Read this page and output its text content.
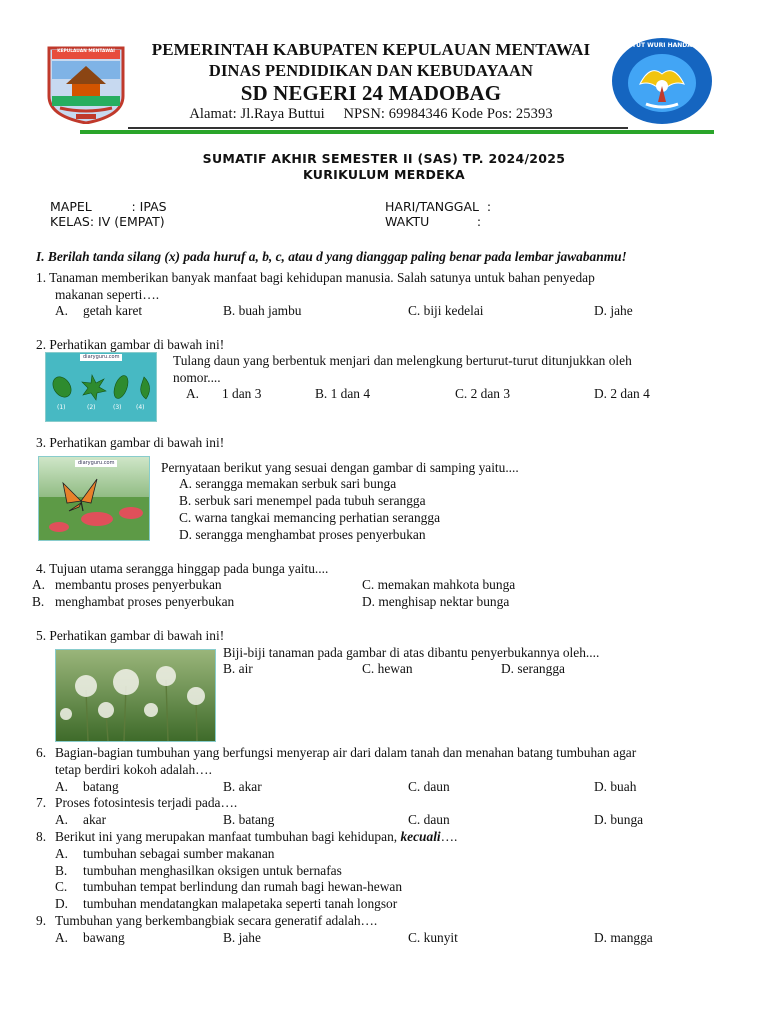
KEPULAUAN MENTAWAI	PEMERINTAH KABUPATEN KEPULAUAN MENTAWAI
DINAS PENDIDIKAN DAN KEBUDAYAAN
SD NEGERI 24 MADOBAG
Alamat: Jl.Raya Buttui     NPSN: 69984346 Kode Pos: 25393
TUT WURI HANDAYANI
SUMATIF AKHIR SEMESTER II (SAS) TP. 2024/2025
KURIKULUM MERDEKA
MAPEL          : IPAS
KELAS: IV (EMPAT)
HARI/TANGGAL  :
WAKTU            :
I. Berilah tanda silang (x) pada huruf a, b, c, atau d yang dianggap paling benar pada lembar jawabanmu!
1. Tanaman memberikan banyak manfaat bagi kehidupan manusia. Salah satunya untuk bahan penyedap
makanan seperti….
A. getah karet	B. buah jambu	C. biji kedelai	D. jahe
2. Perhatikan gambar di bawah ini!
diaryguru.com
(1)	(2)	(3) (4)
Tulang daun yang berbentuk menjari dan melengkung berturut-turut ditunjukkan oleh
nomor....
A. 1 dan 3	B. 1 dan 4	C. 2 dan 3	D. 2 dan 4
3. Perhatikan gambar di bawah ini!
diaryguru.com	Pernyataan berikut yang sesuai dengan gambar di samping yaitu....
A. serangga memakan serbuk sari bunga
B. serbuk sari menempel pada tubuh serangga
C. warna tangkai memancing perhatian serangga
D. serangga menghambat proses penyerbukan
4. Tujuan utama serangga hinggap pada bunga yaitu....
A. membantu proses penyerbukan
B. menghambat proses penyerbukan
C. memakan mahkota bunga
D. menghisap nektar bunga
5. Perhatikan gambar di bawah ini!
Biji-biji tanaman pada gambar di atas dibantu penyerbukannya oleh....
B. air	C. hewan	D. serangga
6. Bagian-bagian tumbuhan yang berfungsi menyerap air dari dalam tanah dan menahan batang tumbuhan agar
tetap berdiri kokoh adalah….
A. batang	B. akar	C. daun	D. buah
7. Proses fotosintesis terjadi pada….
A. akar	B. batang	C. daun	D. bunga
8. Berikut ini yang merupakan manfaat tumbuhan bagi kehidupan, kecuali….
A. tumbuhan sebagai sumber makanan
B. tumbuhan menghasilkan oksigen untuk bernafas
C. tumbuhan tempat berlindung dan rumah bagi hewan-hewan
D. tumbuhan mendatangkan malapetaka seperti tanah longsor
9. Tumbuhan yang berkembangbiak secara generatif adalah….
A. bawang	B. jahe	C. kunyit	D. mangga
